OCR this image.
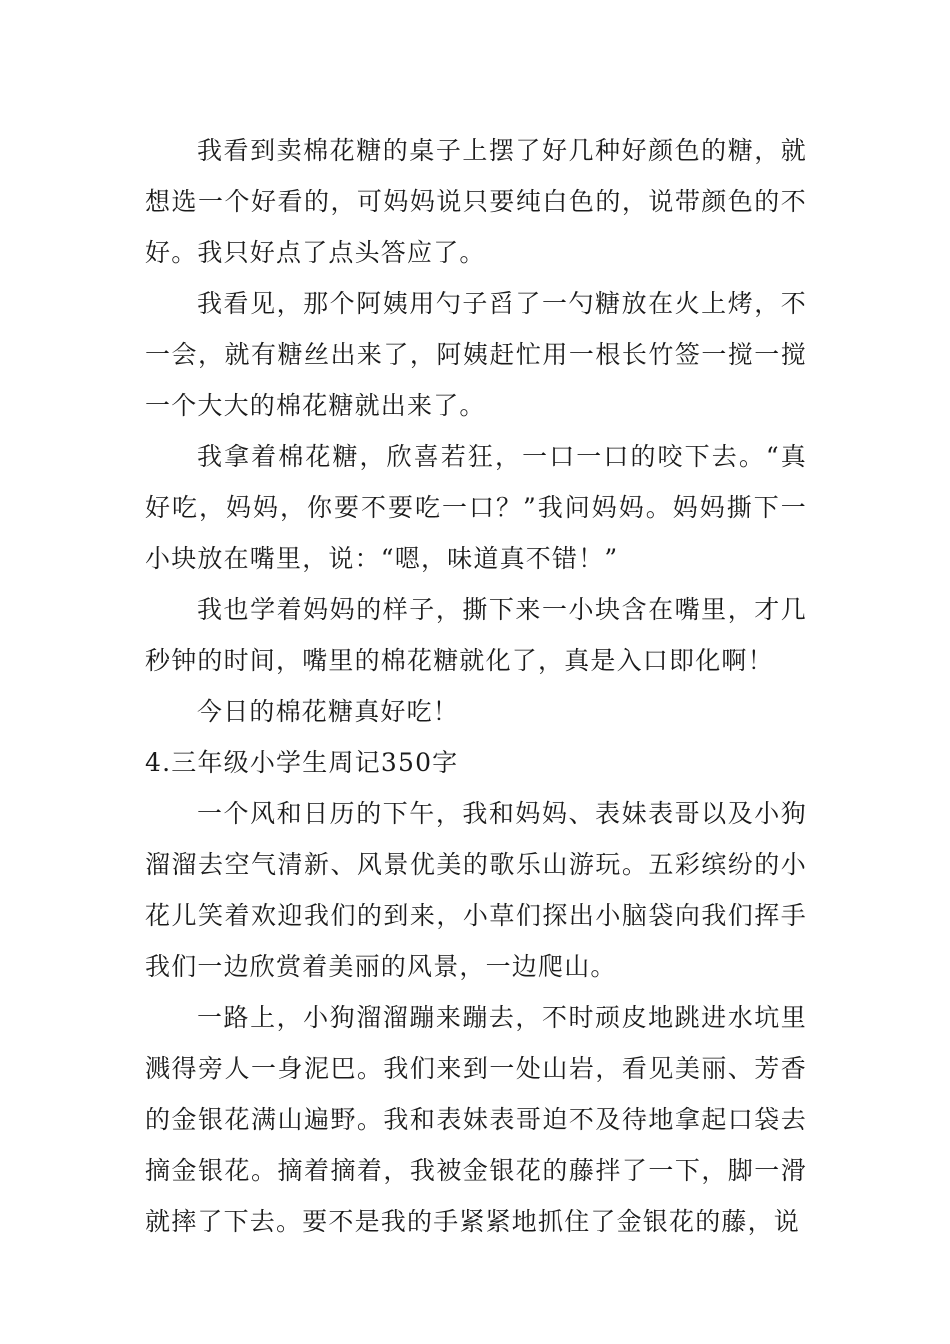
我看到卖棉花糖的桌子上摆了好几种好颜色的糖，就想选一个好看的，可妈妈说只要纯白色的，说带颜色的不好。我只好点了点头答应了。

我看见，那个阿姨用勺子舀了一勺糖放在火上烤，不一会，就有糖丝出来了，阿姨赶忙用一根长竹签一搅一搅一个大大的棉花糖就出来了。

我拿着棉花糖，欣喜若狂，一口一口的咬下去。“真好吃，妈妈，你要不要吃一口？”我问妈妈。妈妈撕下一小块放在嘴里，说：“嗯，味道真不错！”

我也学着妈妈的样子，撕下来一小块含在嘴里，才几秒钟的时间，嘴里的棉花糖就化了，真是入口即化啊！

今日的棉花糖真好吃！

4.三年级小学生周记350字

一个风和日历的下午，我和妈妈、表妹表哥以及小狗溜溜去空气清新、风景优美的歌乐山游玩。五彩缤纷的小花儿笑着欢迎我们的到来，小草们探出小脑袋向我们挥手我们一边欣赏着美丽的风景，一边爬山。

一路上，小狗溜溜蹦来蹦去，不时顽皮地跳进水坑里溅得旁人一身泥巴。我们来到一处山岩，看见美丽、芳香的金银花满山遍野。我和表妹表哥迫不及待地拿起口袋去摘金银花。摘着摘着，我被金银花的藤拌了一下，脚一滑就摔了下去。要不是我的手紧紧地抓住了金银花的藤，说
